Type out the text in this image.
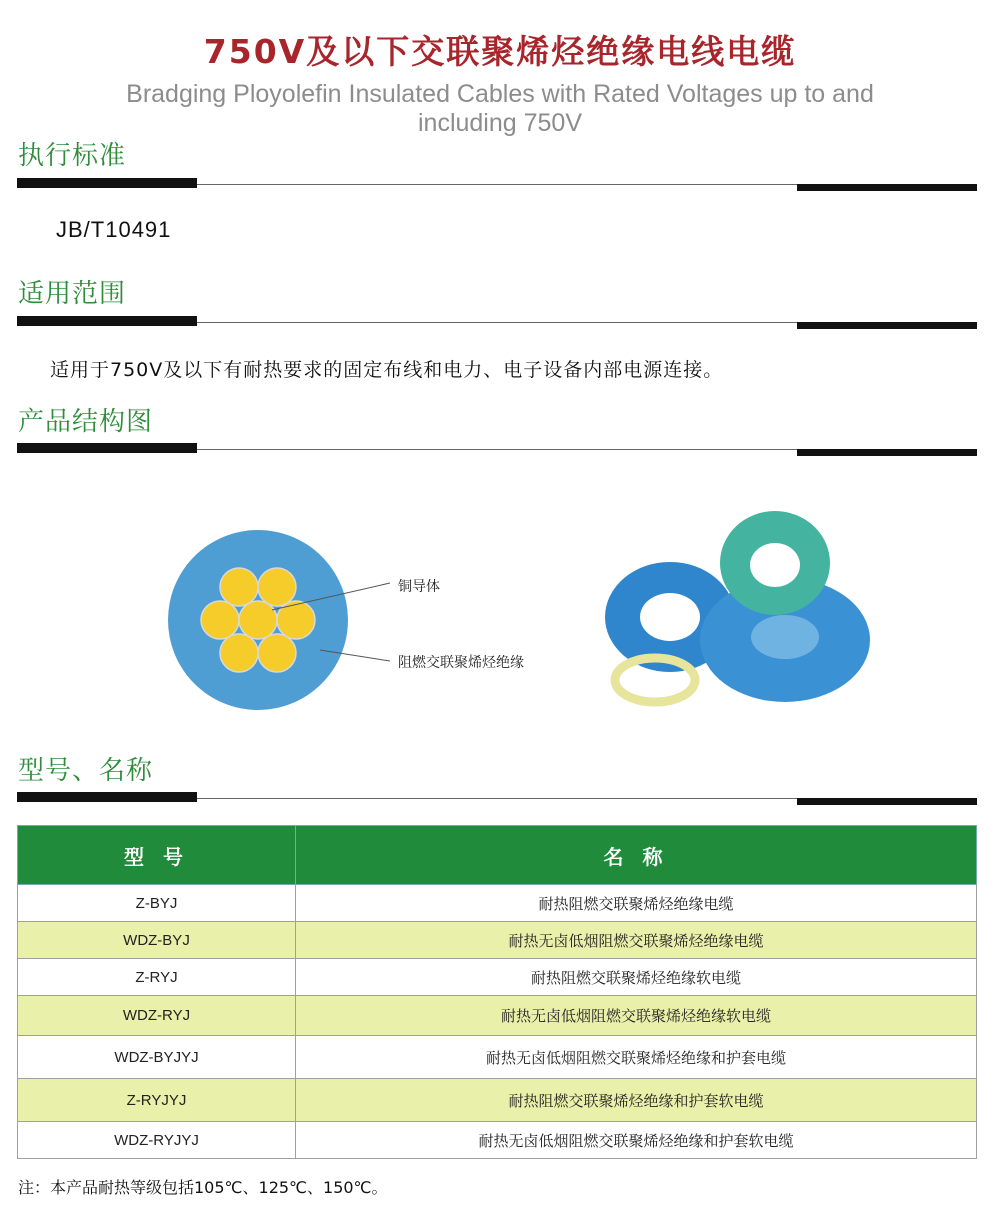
750V及以下交联聚烯烃绝缘电线电缆
Bradging Ployolefin Insulated Cables with Rated Voltages up to and including 750V
执行标准
JB/T10491
适用范围
适用于750V及以下有耐热要求的固定布线和电力、电子设备内部电源连接。
产品结构图
铜导体
阻燃交联聚烯烃绝缘
型号、名称
型 号	名 称
Z-BYJ	耐热阻燃交联聚烯烃绝缘电缆
WDZ-BYJ	耐热无卤低烟阻燃交联聚烯烃绝缘电缆
Z-RYJ	耐热阻燃交联聚烯烃绝缘软电缆
WDZ-RYJ	耐热无卤低烟阻燃交联聚烯烃绝缘软电缆
WDZ-BYJYJ	耐热无卤低烟阻燃交联聚烯烃绝缘和护套电缆
Z-RYJYJ	耐热阻燃交联聚烯烃绝缘和护套软电缆
WDZ-RYJYJ	耐热无卤低烟阻燃交联聚烯烃绝缘和护套软电缆
注：本产品耐热等级包括105℃、125℃、150℃。
